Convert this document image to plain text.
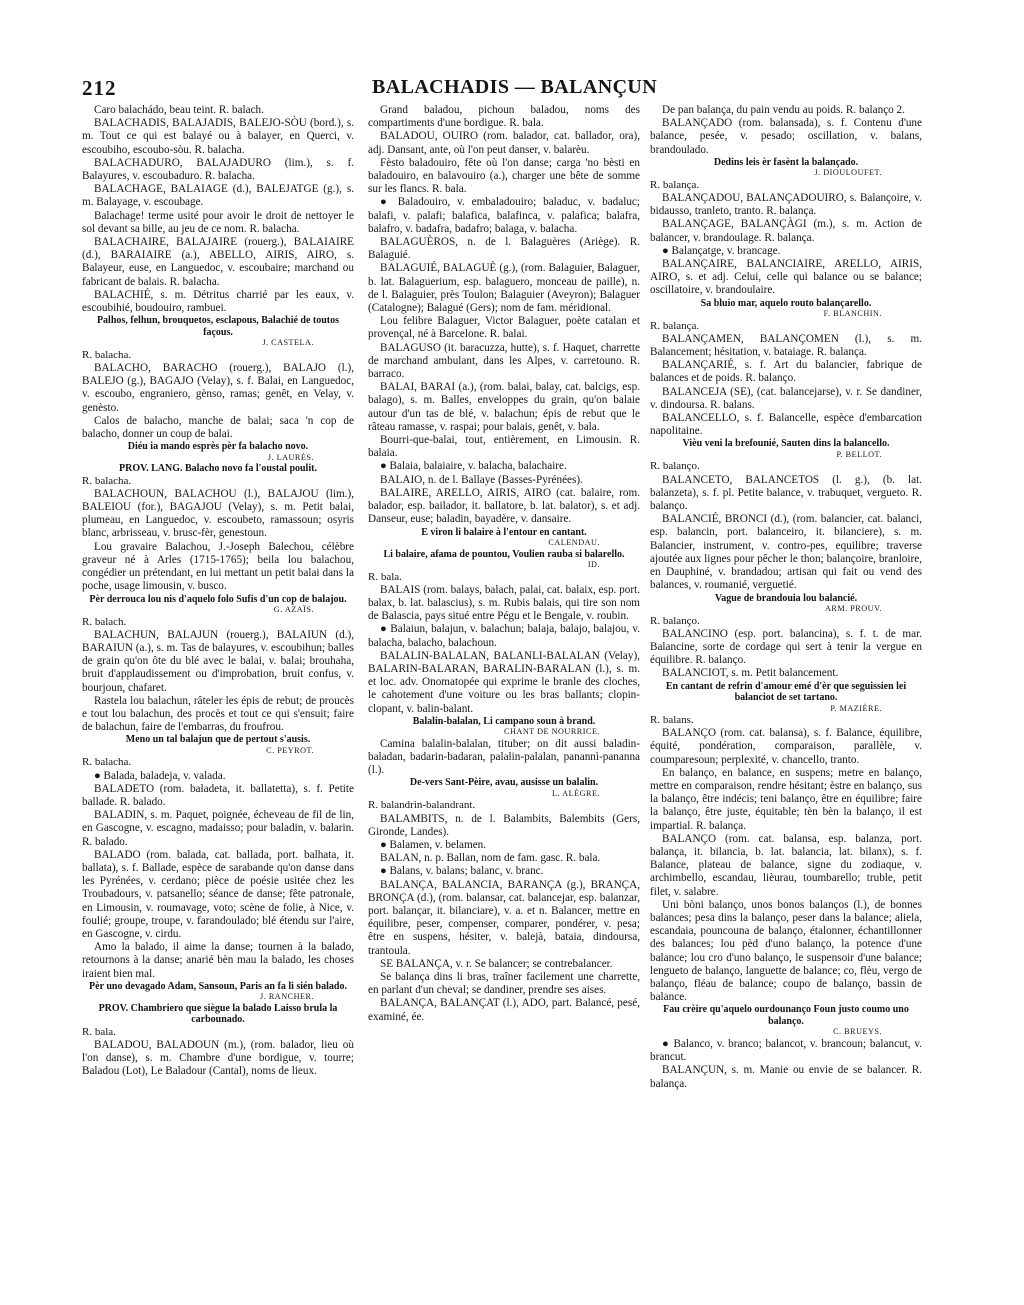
212	BALACHADIS — BALANÇUN

Caro balachádo, beau teint. R. balach.

BALACHADIS, BALAJADIS, BALEJO-SÒU (bord.), s. m. Tout ce qui est balayé ou à balayer, en Querci, v. escoubiho, escoubo-sòu. R. balacha.

BALACHADURO, BALAJADURO (lim.), s. f. Balayures, v. escoubaduro. R. balacha.

BALACHAGE, BALAIAGE (d.), BALEJATGE (g.), s. m. Balayage, v. escoubage.

Balachage! terme usité pour avoir le droit de nettoyer le sol devant sa bille, au jeu de ce nom. R. balacha.

BALACHAIRE, BALAJAIRE (rouerg.), BALAIAIRE (d.), BARAIAIRE (a.), ABELLO, AIRIS, AIRO, s. Balayeur, euse, en Languedoc, v. escoubaire; marchand ou fabricant de balais. R. balacha.

BALACHIÉ, s. m. Détritus charrié par les eaux, v. escoubihié, boudouiro, rambuei.

Palhos, felhun, brouquetos, esclapous, Balachié de toutos façous.

J. CASTELA.

R. balacha.

BALACHO, BARACHO (rouerg.), BALAJO (l.), BALEJO (g.), BAGAJO (Velay), s. f. Balai, en Languedoc, v. escoubo, engraniero, gènso, ramas; genêt, en Velay, v. genèsto.

Calos de balacho, manche de balai; saca 'n cop de balacho, donner un coup de balai.

Diéu ia mando esprès pèr fa balacho novo.

J. LAURÈS.

PROV. LANG. Balacho novo fa l'oustal poulit.

R. balacha.

BALACHOUN, BALACHOU (l.), BALAJOU (lim.), BALEIOU (for.), BAGAJOU (Velay), s. m. Petit balai, plumeau, en Languedoc, v. escoubeto, ramassoun; osyris blanc, arbrisseau, v. brusc-fèr, genestoun.

Lou gravaire Balachou, J.-Joseph Balechou, célèbre graveur né à Arles (1715-1765); beila lou balachou, congédier un prétendant, en lui mettant un petit balai dans la poche, usage limousin, v. busco.

Pèr derrouca lou nis d'aquelo folo Sufis d'un cop de balajou.

G. AZAÏS.

R. balach.

BALACHUN, BALAJUN (rouerg.), BALAIUN (d.), BARAIUN (a.), s. m. Tas de balayures, v. escoubihun; balles de grain qu'on ôte du blé avec le balai, v. balai; brouhaha, bruit d'applaudissement ou d'improbation, bruit confus, v. bourjoun, chafaret.

Rastela lou balachun, râteler les épis de rebut; de proucès e tout lou balachun, des procès et tout ce qui s'ensuit; faire de balachun, faire de l'embarras, du froufrou.

Meno un tal balajun que de pertout s'ausis.

C. PEYROT.

R. balacha.

● Balada, baladeja, v. valada.

BALADETO (rom. baladeta, it. ballatetta), s. f. Petite ballade. R. balado.

BALADIN, s. m. Paquet, poignée, écheveau de fil de lin, en Gascogne, v. escagno, madaisso; pour baladin, v. balarin. R. balado.

BALADO (rom. balada, cat. ballada, port. balhata, it. ballata), s. f. Ballade, espèce de sarabande qu'on danse dans les Pyrénées, v. cerdano; pièce de poésie usitée chez les Troubadours, v. patsanello; séance de danse; fête patronale, en Limousin, v. roumavage, voto; scène de folie, à Nice, v. foulié; groupe, troupe, v. farandoulado; blé étendu sur l'aire, en Gascogne, v. cirdu.

Amo la balado, il aime la danse; tournen à la balado, retournons à la danse; anarié bèn mau la balado, les choses iraient bien mal.

Pèr uno devagado Adam, Sansoun, Paris an fa li sién balado.

J. RANCHER.

PROV. Chambriero que siègue la balado Laisso brula la carbounado.

R. bala.

BALADOU, BALADOUN (m.), (rom. balador, lieu où l'on danse), s. m. Chambre d'une bordigue, v. tourre; Baladou (Lot), Le Baladour (Cantal), noms de lieux.

Grand baladou, pichoun baladou, noms des compartiments d'une bordigue. R. bala.

BALADOU, OUIRO (rom. balador, cat. ballador, ora), adj. Dansant, ante, où l'on peut danser, v. balarèu.

Fèsto baladouiro, fête où l'on danse; carga 'no bèsti en baladouiro, en balavouiro (a.), charger une bête de somme sur les flancs. R. bala.

● Baladouiro, v. embaladouiro; baladuc, v. badaluc; balafi, v. palafi; balafica, balafinca, v. palafica; balafra, balafro, v. badafra, badafro; balaga, v. balacha.

BALAGUÈROS, n. de l. Balaguères (Ariège). R. Balaguié.

BALAGUIÉ, BALAGUÈ (g.), (rom. Balaguier, Balaguer, b. lat. Balaguerium, esp. balaguero, monceau de paille), n. de l. Balaguier, près Toulon; Balaguier (Aveyron); Balaguer (Catalogne); Balagué (Gers); nom de fam. méridional.

Lou felibre Balaguer, Victor Balaguer, poète catalan et provençal, né à Barcelone. R. balai.

BALAGUSO (it. baracuzza, hutte), s. f. Haquet, charrette de marchand ambulant, dans les Alpes, v. carretouno. R. barraco.

BALAI, BARAI (a.), (rom. balai, balay, cat. balcigs, esp. balago), s. m. Balles, enveloppes du grain, qu'on balaie autour d'un tas de blé, v. balachun; épis de rebut que le râteau ramasse, v. raspai; pour balais, genêt, v. bala.

Bourri-que-balai, tout, entièrement, en Limousin. R. balaia.

● Balaia, balaiaire, v. balacha, balachaire.

BALAIO, n. de l. Ballaye (Basses-Pyrénées).

BALAIRE, ARELLO, AIRIS, AIRO (cat. balaire, rom. balador, esp. bailador, it. ballatore, b. lat. balator), s. et adj. Danseur, euse; baladin, bayadère, v. dansaire.

E viron li balaire à l'entour en cantant.

CALENDAU.

Li balaire, afama de pountou, Voulien rauba si balarello.

ID.

R. bala.

BALAIS (rom. balays, balach, palai, cat. balaix, esp. port. balax, b. lat. balascius), s. m. Rubis balais, qui tire son nom de Balascia, pays situé entre Pégu et le Bengale, v. roubin.

● Balaiun, balajun, v. balachun; balaja, balajo, balajou, v. balacha, balacho, balachoun.

BALALIN-BALALAN, BALANLI-BALALAN (Velay), BALARIN-BALARAN, BARALIN-BARALAN (l.), s. m. et loc. adv. Onomatopée qui exprime le branle des cloches, le cahotement d'une voiture ou les bras ballants; clopin-clopant, v. balin-balant.

Balalin-balalan, Li campano soun à brand.

CHANT DE NOURRICE.

Camina balalin-balalan, tituber; on dit aussi baladin-baladan, badarin-badaran, palalin-palalan, panannì-pananna (l.).

De-vers Sant-Pèire, avau, ausisse un balalin.

L. ALÈGRE.

R. balandrin-balandrant.

BALAMBITS, n. de l. Balambits, Balembits (Gers, Gironde, Landes).

● Balamen, v. belamen.

BALAN, n. p. Ballan, nom de fam. gasc. R. bala.

● Balans, v. balans; balanc, v. branc.

BALANÇA, BALANCIA, BARANÇA (g.), BRANÇA, BRONÇA (d.), (rom. balansar, cat. balancejar, esp. balanzar, port. balançar, it. bilanciare), v. a. et n. Balancer, mettre en équilibre, peser, compenser, comparer, pondérer, v. pesa; être en suspens, hésiter, v. balejà, bataia, dindoursa, trantoula.

SE BALANÇA, v. r. Se balancer; se contrebalancer.

Se balança dins li bras, traîner facilement une charrette, en parlant d'un cheval; se dandiner, prendre ses aises.

BALANÇA, BALANÇAT (l.), ADO, part. Balancé, pesé, examiné, ée.

De pan balança, du pain vendu au poids. R. balanço 2.

BALANÇADO (rom. balansada), s. f. Contenu d'une balance, pesée, v. pesado; oscillation, v. balans, brandoulado.

Dedins leis èr fasènt la balançado.

J. DIOULOUFET.

R. balança.

BALANÇADOU, BALANÇADOUIRO, s. Balançoire, v. bidausso, tranleto, tranto. R. balança.

BALANÇAGE, BALANÇÀGI (m.), s. m. Action de balancer, v. brandoulage. R. balança.

● Balançatge, v. brancage.

BALANÇAIRE, BALANCIAIRE, ARELLO, AIRIS, AIRO, s. et adj. Celui, celle qui balance ou se balance; oscillatoire, v. brandoulaire.

Sa bluio mar, aquelo routo balançarello.

F. BLANCHIN.

R. balança.

BALANÇAMEN, BALANÇOMEN (l.), s. m. Balancement; hésitation, v. bataiage. R. balança.

BALANÇARIÉ, s. f. Art du balancier, fabrique de balances et de poids. R. balanço.

BALANCEJA (SE), (cat. balancejarse), v. r. Se dandiner, v. dindoursa. R. balans.

BALANCELLO, s. f. Balancelle, espèce d'embarcation napolitaine.

Vièu veni la brefounié, Sauten dins la balancello.

P. BELLOT.

R. balanço.

BALANCETO, BALANCETOS (l. g.), (b. lat. balanzeta), s. f. pl. Petite balance, v. trabuquet, vergueto. R. balanço.

BALANCIÉ, BRONCI (d.), (rom. balancier, cat. balanci, esp. balancin, port. balanceiro, it. bilanciere), s. m. Balancier, instrument, v. contro-pes, equilibre; traverse ajoutée aux lignes pour pêcher le thon; balançoire, branloire, en Dauphiné, v. brandadou; artisan qui fait ou vend des balances, v. roumanié, verguetié.

Vague de brandouia lou balancié.

ARM. PROUV.

R. balanço.

BALANCINO (esp. port. balancina), s. f. t. de mar. Balancine, sorte de cordage qui sert à tenir la vergue en équilibre. R. balanço.

BALANCIOT, s. m. Petit balancement.

En cantant de refrin d'amour emé d'èr que seguissien lei balanciot de set tartano.

P. MAZIÈRE.

R. balans.

BALANÇO (rom. cat. balansa), s. f. Balance, équilibre, équité, pondération, comparaison, parallèle, v. coumparesoun; perplexité, v. chancello, tranto.

En balanço, en balance, en suspens; metre en balanço, mettre en comparaison, rendre hésitant; èstre en balanço, sus la balanço, être indécis; teni balanço, être en équilibre; faire la balanço, être juste, équitable; tèn bèn la balanço, il est impartial. R. balança.

BALANÇO (rom. cat. balansa, esp. balanza, port. balança, it. bilancia, b. lat. balancia, lat. bilanx), s. f. Balance, plateau de balance, signe du zodiaque, v. archimbello, escandau, lièurau, toumbarello; truble, petit filet, v. salabre.

Uni bòni balanço, unos bonos balanços (l.), de bonnes balances; pesa dins la balanço, peser dans la balance; aliela, escandaia, pouncouna de balanço, étalonner, échantillonner des balances; lou pèd d'uno balanço, la potence d'une balance; lou cro d'uno balanço, le suspensoir d'une balance; lengueto de balanço, languette de balance; co, flèu, vergo de balanço, fléau de balance; coupo de balanço, bassin de balance.

Fau crèire qu'aquelo ourdounanço Foun justo coumo uno balanço.

C. BRUEYS.

● Balanco, v. branco; balancot, v. brancoun; balancut, v. brancut.

BALANÇUN, s. m. Manie ou envie de se balancer. R. balança.
